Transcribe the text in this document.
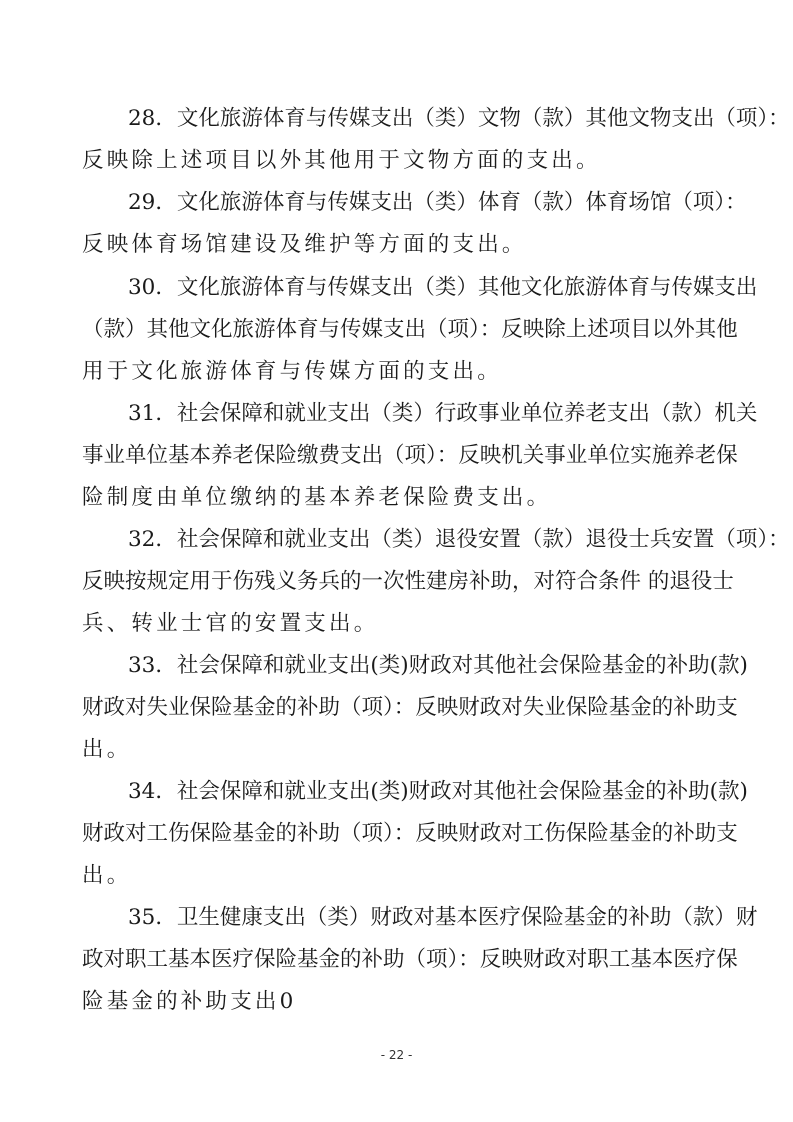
28．文化旅游体育与传媒支出（类）文物（款）其他文物支出（项）：
反映除上述项目以外其他用于文物方面的支出。
29．文化旅游体育与传媒支出（类）体育（款）体育场馆（项）：
反映体育场馆建设及维护等方面的支出。
30．文化旅游体育与传媒支出（类）其他文化旅游体育与传媒支出
（款）其他文化旅游体育与传媒支出（项）：反映除上述项目以外其他
用于文化旅游体育与传媒方面的支出。
31．社会保障和就业支出（类）行政事业单位养老支出（款）机关
事业单位基本养老保险缴费支出（项）：反映机关事业单位实施养老保
险制度由单位缴纳的基本养老保险费支出。
32．社会保障和就业支出（类）退役安置（款）退役士兵安置（项）：
反映按规定用于伤残义务兵的一次性建房补助，对符合条件 的退役士
兵、转业士官的安置支出。
33．社会保障和就业支出(类)财政对其他社会保险基金的补助(款)
财政对失业保险基金的补助（项）：反映财政对失业保险基金的补助支
出。
34．社会保障和就业支出(类)财政对其他社会保险基金的补助(款)
财政对工伤保险基金的补助（项）：反映财政对工伤保险基金的补助支
出。
35．卫生健康支出（类）财政对基本医疗保险基金的补助（款）财
政对职工基本医疗保险基金的补助（项）：反映财政对职工基本医疗保
险基金的补助支出0
- 22 -
